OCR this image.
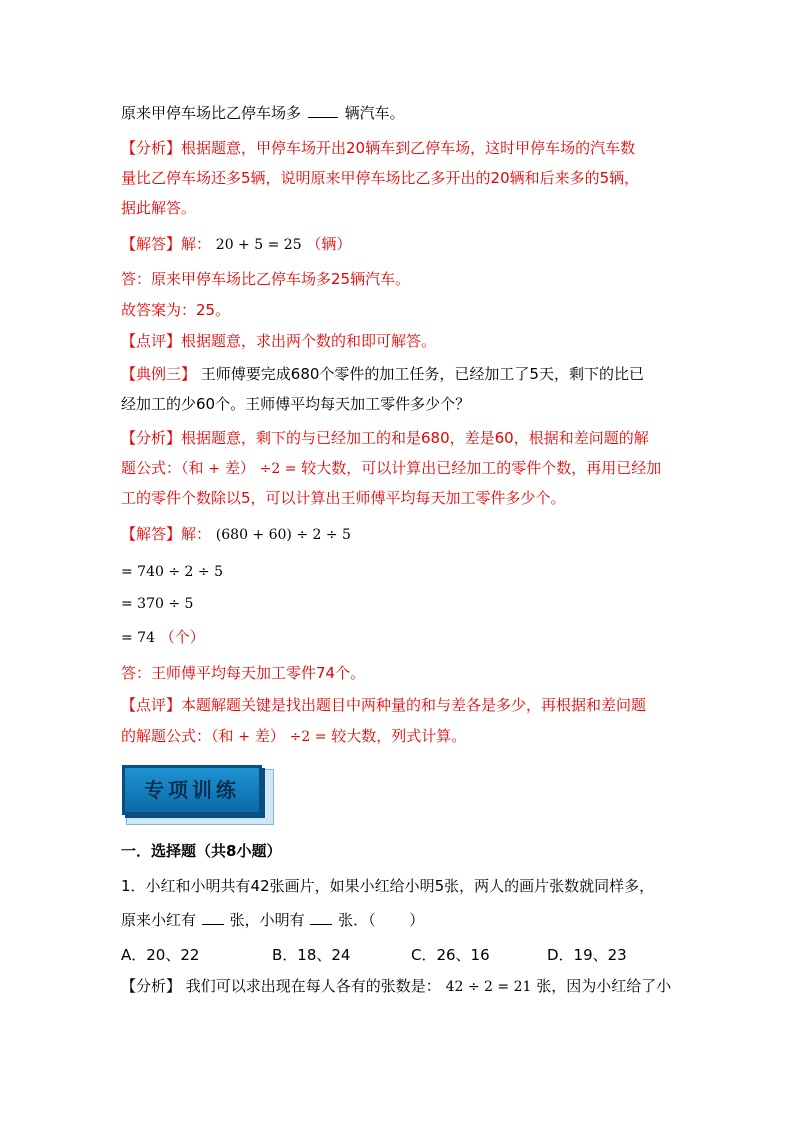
原来甲停车场比乙停车场多	辆汽车。
【分析】根据题意，甲停车场开出20辆车到乙停车场，这时甲停车场的汽车数
量比乙停车场还多5辆，说明原来甲停车场比乙多开出的20辆和后来多的5辆，
据此解答。
【解答】解： 20 + 5 = 25 （辆）
答：原来甲停车场比乙停车场多25辆汽车。
故答案为：25。
【点评】根据题意，求出两个数的和即可解答。
【典例三】 王师傅要完成680个零件的加工任务，已经加工了5天，剩下的比已
经加工的少60个。王师傅平均每天加工零件多少个？
【分析】根据题意，剩下的与已经加工的和是680，差是60，根据和差问题的解
题公式：（和 + 差） ÷2 = 较大数，可以计算出已经加工的零件个数，再用已经加
工的零件个数除以5，可以计算出王师傅平均每天加工零件多少个。
【解答】解： (680 + 60) ÷ 2 ÷ 5
= 740 ÷ 2 ÷ 5
= 370 ÷ 5
= 74 （个）
答：王师傅平均每天加工零件74个。
【点评】本题解题关键是找出题目中两种量的和与差各是多少，再根据和差问题
的解题公式：（和 + 差） ÷2 = 较大数，列式计算。
专项训练
一．选择题（共8小题）
1．小红和小明共有42张画片，如果小红给小明5张，两人的画片张数就同样多，
原来小红有 张，小明有 张．（ ）
A．20、22	B．18、24	C．26、16	D．19、23
【分析】 我们可以求出现在每人各有的张数是： 42 ÷ 2 = 21 张，因为小红给了小
